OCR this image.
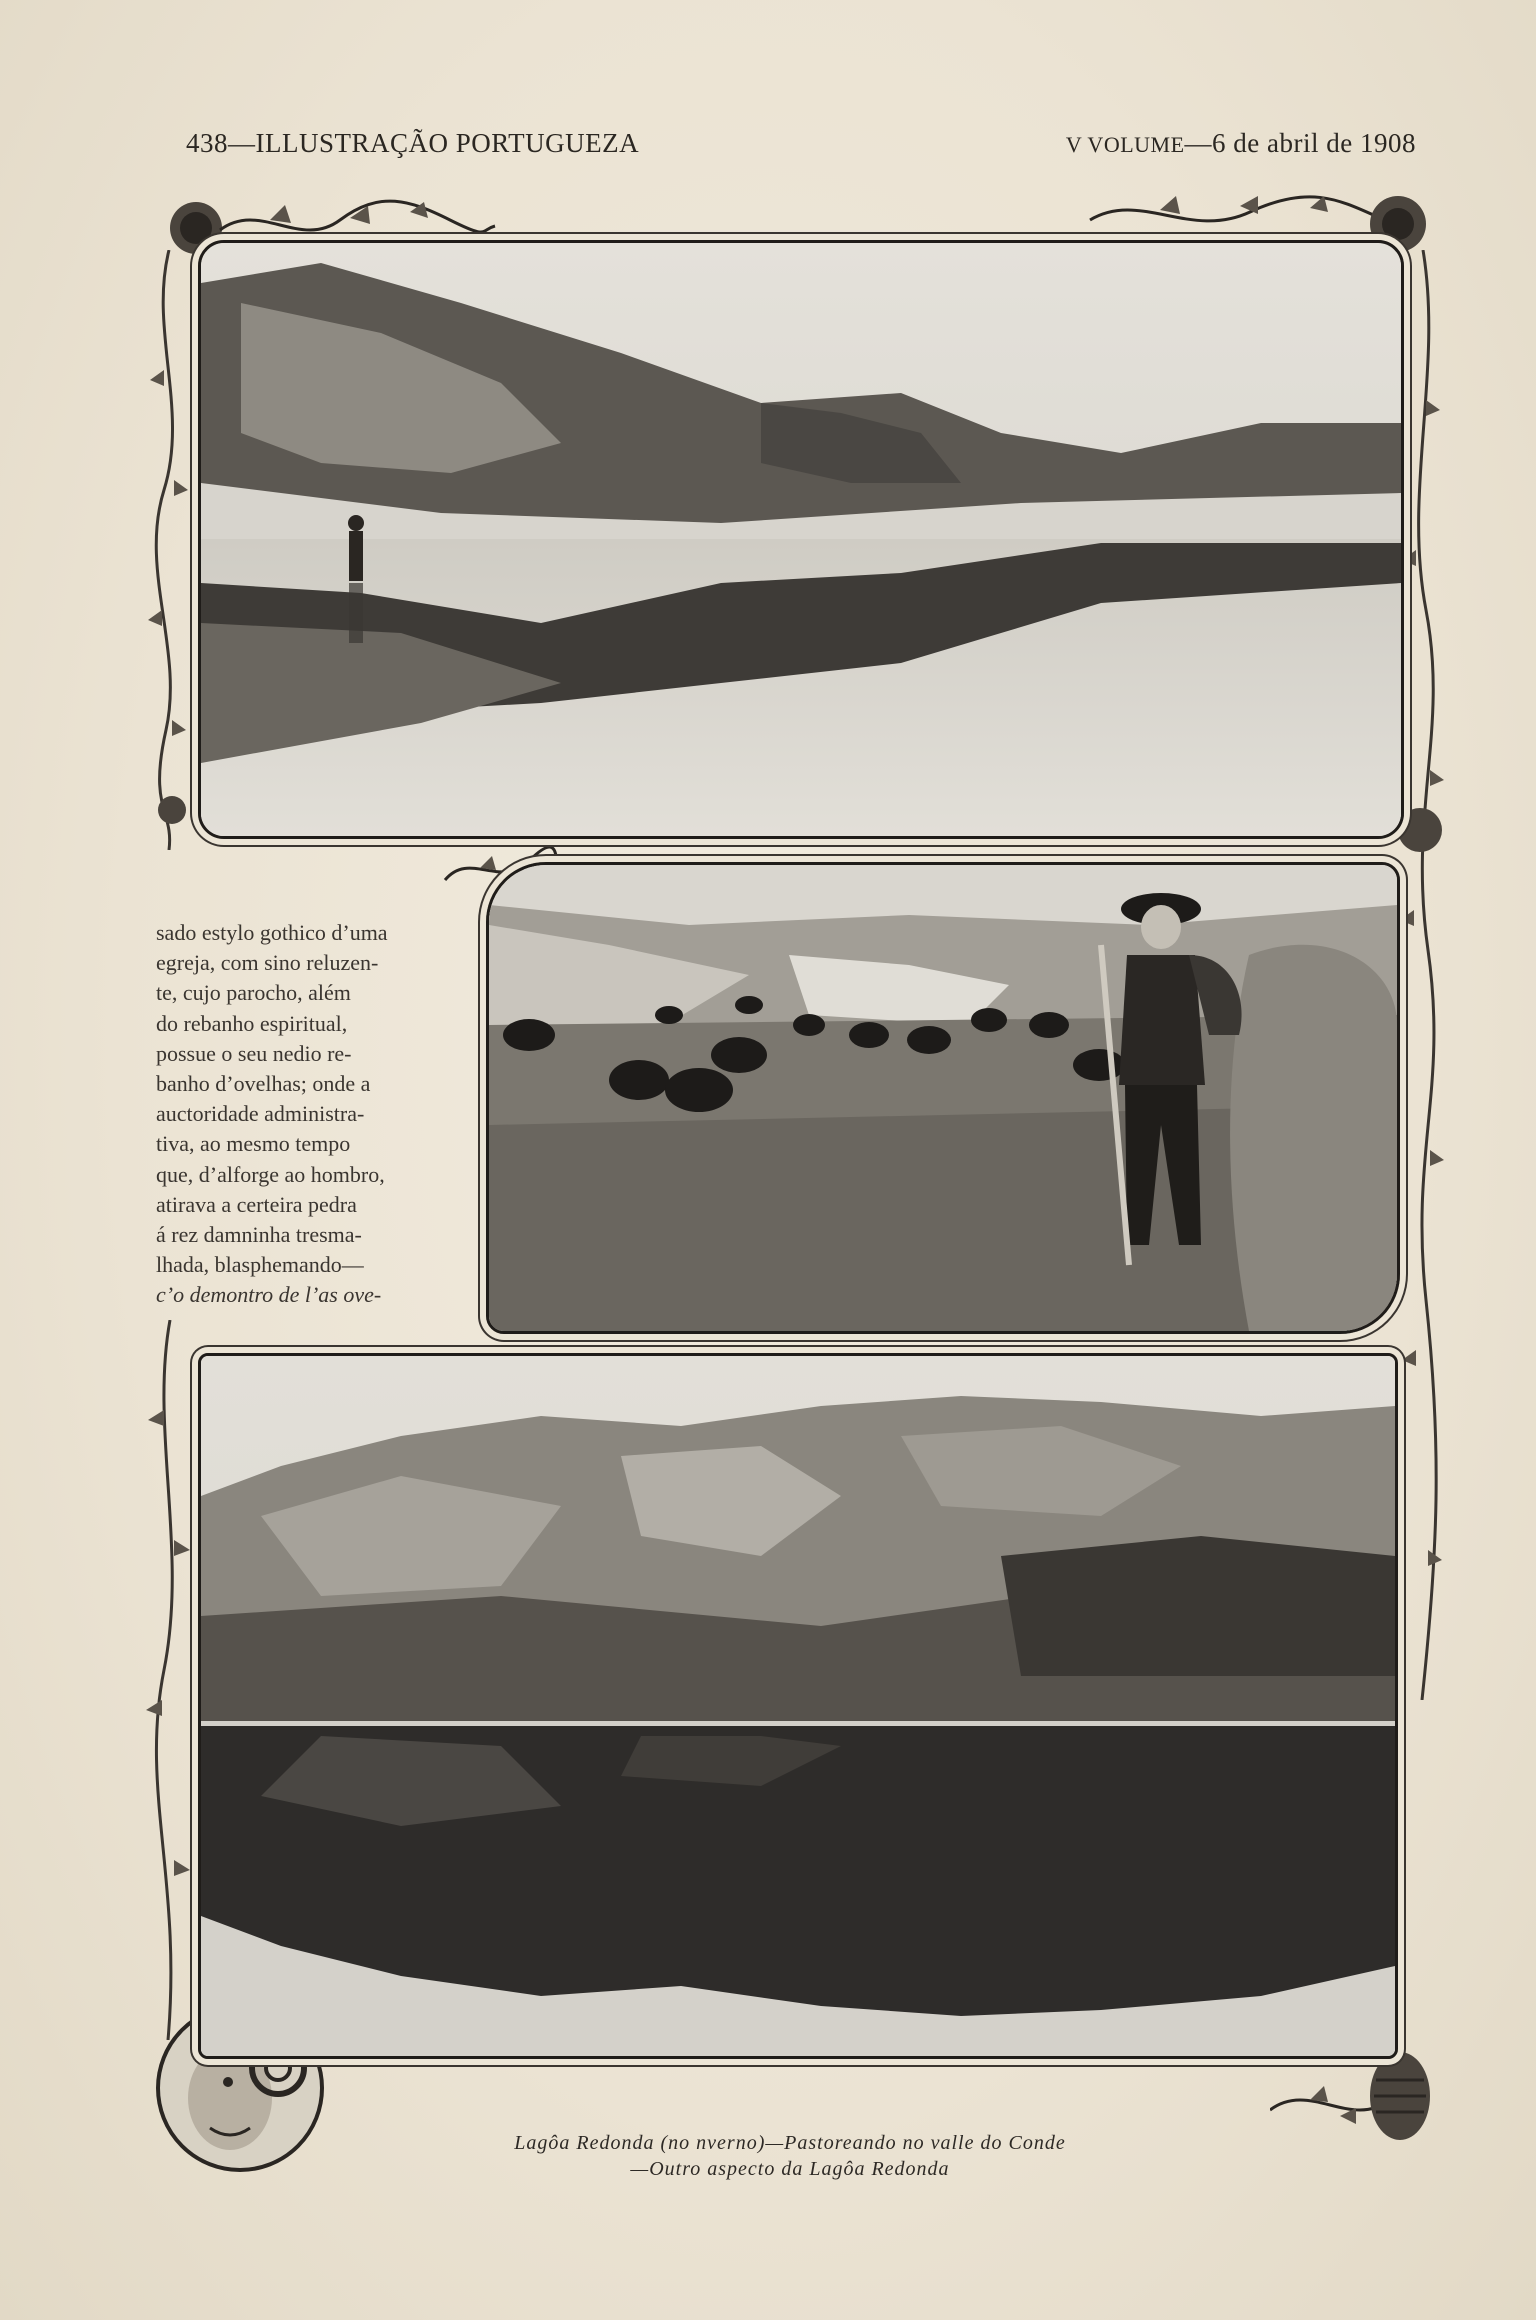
438—ILLUSTRAÇÃO PORTUGUEZA	V VOLUME—6 de abril de 1908

sado estylo gothico d’uma

egreja, com sino reluzen-

te, cujo parocho, além

do rebanho espiritual,

possue o seu nedio re-

banho d’ovelhas; onde a

auctoridade administra-

tiva, ao mesmo tempo

que, d’alforge ao hombro,

atirava a certeira pedra

á rez damninha tresma-

lhada, blasphemando—

c’o demontro de l’as ove-

Lagôa Redonda (no nverno)—Pastoreando no valle do Conde
—Outro aspecto da Lagôa Redonda
